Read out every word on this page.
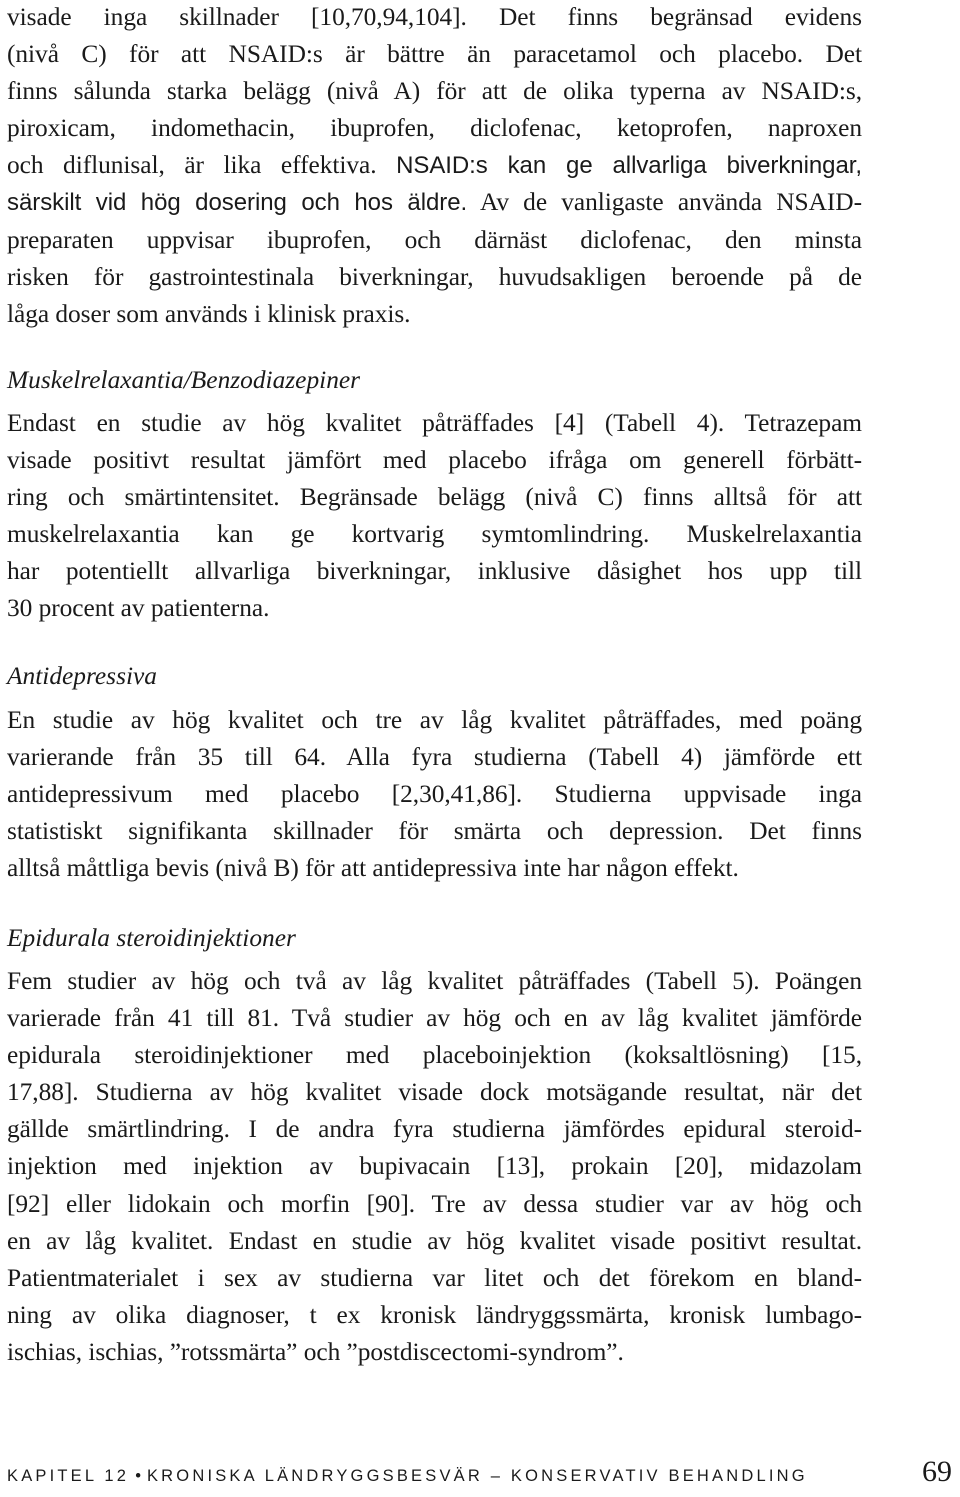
visade inga skillnader [10,70,94,104]. Det finns begränsad evidens
(nivå C) för att NSAID:s är bättre än paracetamol och placebo. Det
finns sålunda starka belägg (nivå A) för att de olika typerna av NSAID:s,
piroxicam, indomethacin, ibuprofen, diclofenac, ketoprofen, naproxen
och diflunisal, är lika effektiva. NSAID:s kan ge allvarliga biverkningar,
särskilt vid hög dosering och hos äldre. Av de vanligaste använda NSAID-
preparaten uppvisar ibuprofen, och därnäst diclofenac, den minsta
risken för gastrointestinala biverkningar, huvudsakligen beroende på de
låga doser som används i klinisk praxis.
Muskelrelaxantia/Benzodiazepiner
Endast en studie av hög kvalitet påträffades [4] (Tabell 4). Tetrazepam
visade positivt resultat jämfört med placebo ifråga om generell förbätt-
ring och smärtintensitet. Begränsade belägg (nivå C) finns alltså för att
muskelrelaxantia kan ge kortvarig symtomlindring. Muskelrelaxantia
har potentiellt allvarliga biverkningar, inklusive dåsighet hos upp till
30 procent av patienterna.
Antidepressiva
En studie av hög kvalitet och tre av låg kvalitet påträffades, med poäng
varierande från 35 till 64. Alla fyra studierna (Tabell 4) jämförde ett
antidepressivum med placebo [2,30,41,86]. Studierna uppvisade inga
statistiskt signifikanta skillnader för smärta och depression. Det finns
alltså måttliga bevis (nivå B) för att antidepressiva inte har någon effekt.
Epidurala steroidinjektioner
Fem studier av hög och två av låg kvalitet påträffades (Tabell 5). Poängen
varierade från 41 till 81. Två studier av hög och en av låg kvalitet jämförde
epidurala steroidinjektioner med placeboinjektion (koksaltlösning) [15,
17,88]. Studierna av hög kvalitet visade dock motsägande resultat, när det
gällde smärtlindring. I de andra fyra studierna jämfördes epidural steroid-
injektion med injektion av bupivacain [13], prokain [20], midazolam
[92] eller lidokain och morfin [90]. Tre av dessa studier var av hög och
en av låg kvalitet. Endast en studie av hög kvalitet visade positivt resultat.
Patientmaterialet i sex av studierna var litet och det förekom en bland-
ning av olika diagnoser, t ex kronisk ländryggssmärta, kronisk lumbago-
ischias, ischias, ”rotssmärta” och ”postdiscectomi-syndrom”.
KAPITEL 12 • KRONISKA LÄNDRYGGSBESVÄR – KONSERVATIV BEHANDLING	69
